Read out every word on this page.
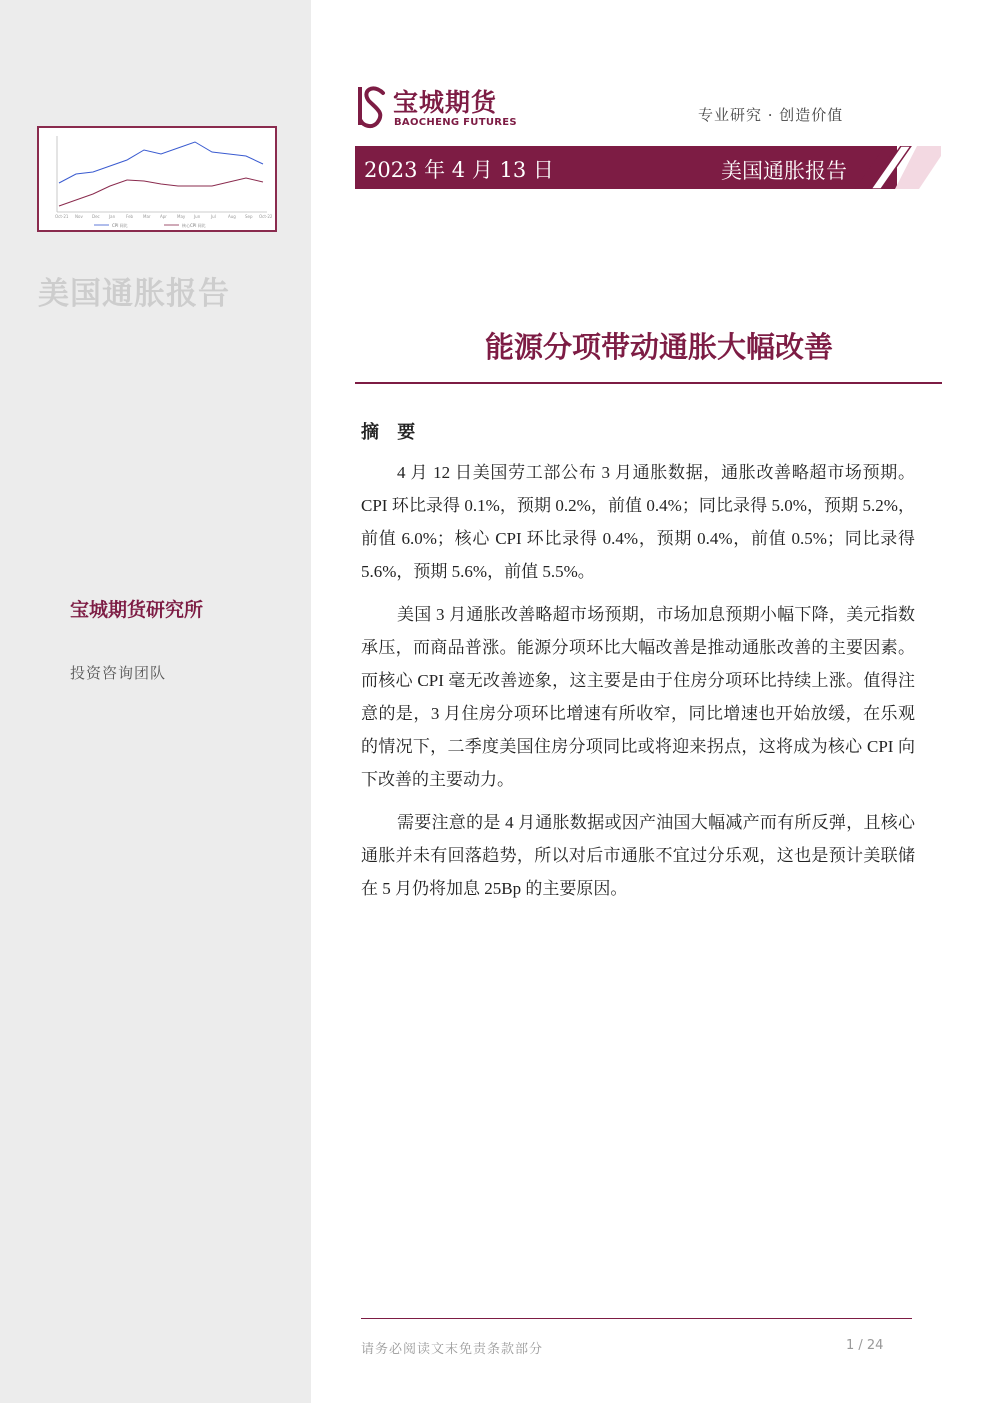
Oct-21 Nov Dec Jan	Feb Mar Apr	May Jun	Jul	Aug Sep Oct-22
CPI 同比	核心CPI 同比
美国通胀报告
宝城期货研究所
投资咨询团队
宝城期货
BAOCHENG FUTURES	专业研究 · 创造价值
2023 年 4 月 13 日	美国通胀报告
能源分项带动通胀大幅改善
摘 要
4 月 12 日美国劳工部公布 3 月通胀数据，通胀改善略超市场预期。CPI 环比录得 0.1%，预期 0.2%，前值 0.4%；同比录得 5.0%，预期 5.2%，前值 6.0%；核心 CPI 环比录得 0.4%，预期 0.4%，前值 0.5%；同比录得 5.6%，预期 5.6%，前值 5.5%。
美国 3 月通胀改善略超市场预期，市场加息预期小幅下降，美元指数承压，而商品普涨。能源分项环比大幅改善是推动通胀改善的主要因素。而核心 CPI 毫无改善迹象，这主要是由于住房分项环比持续上涨。值得注意的是，3 月住房分项环比增速有所收窄，同比增速也开始放缓，在乐观的情况下，二季度美国住房分项同比或将迎来拐点，这将成为核心 CPI 向下改善的主要动力。
需要注意的是 4 月通胀数据或因产油国大幅减产而有所反弹，且核心通胀并未有回落趋势，所以对后市通胀不宜过分乐观，这也是预计美联储在 5 月仍将加息 25Bp 的主要原因。
请务必阅读文末免责条款部分	1 / 24
